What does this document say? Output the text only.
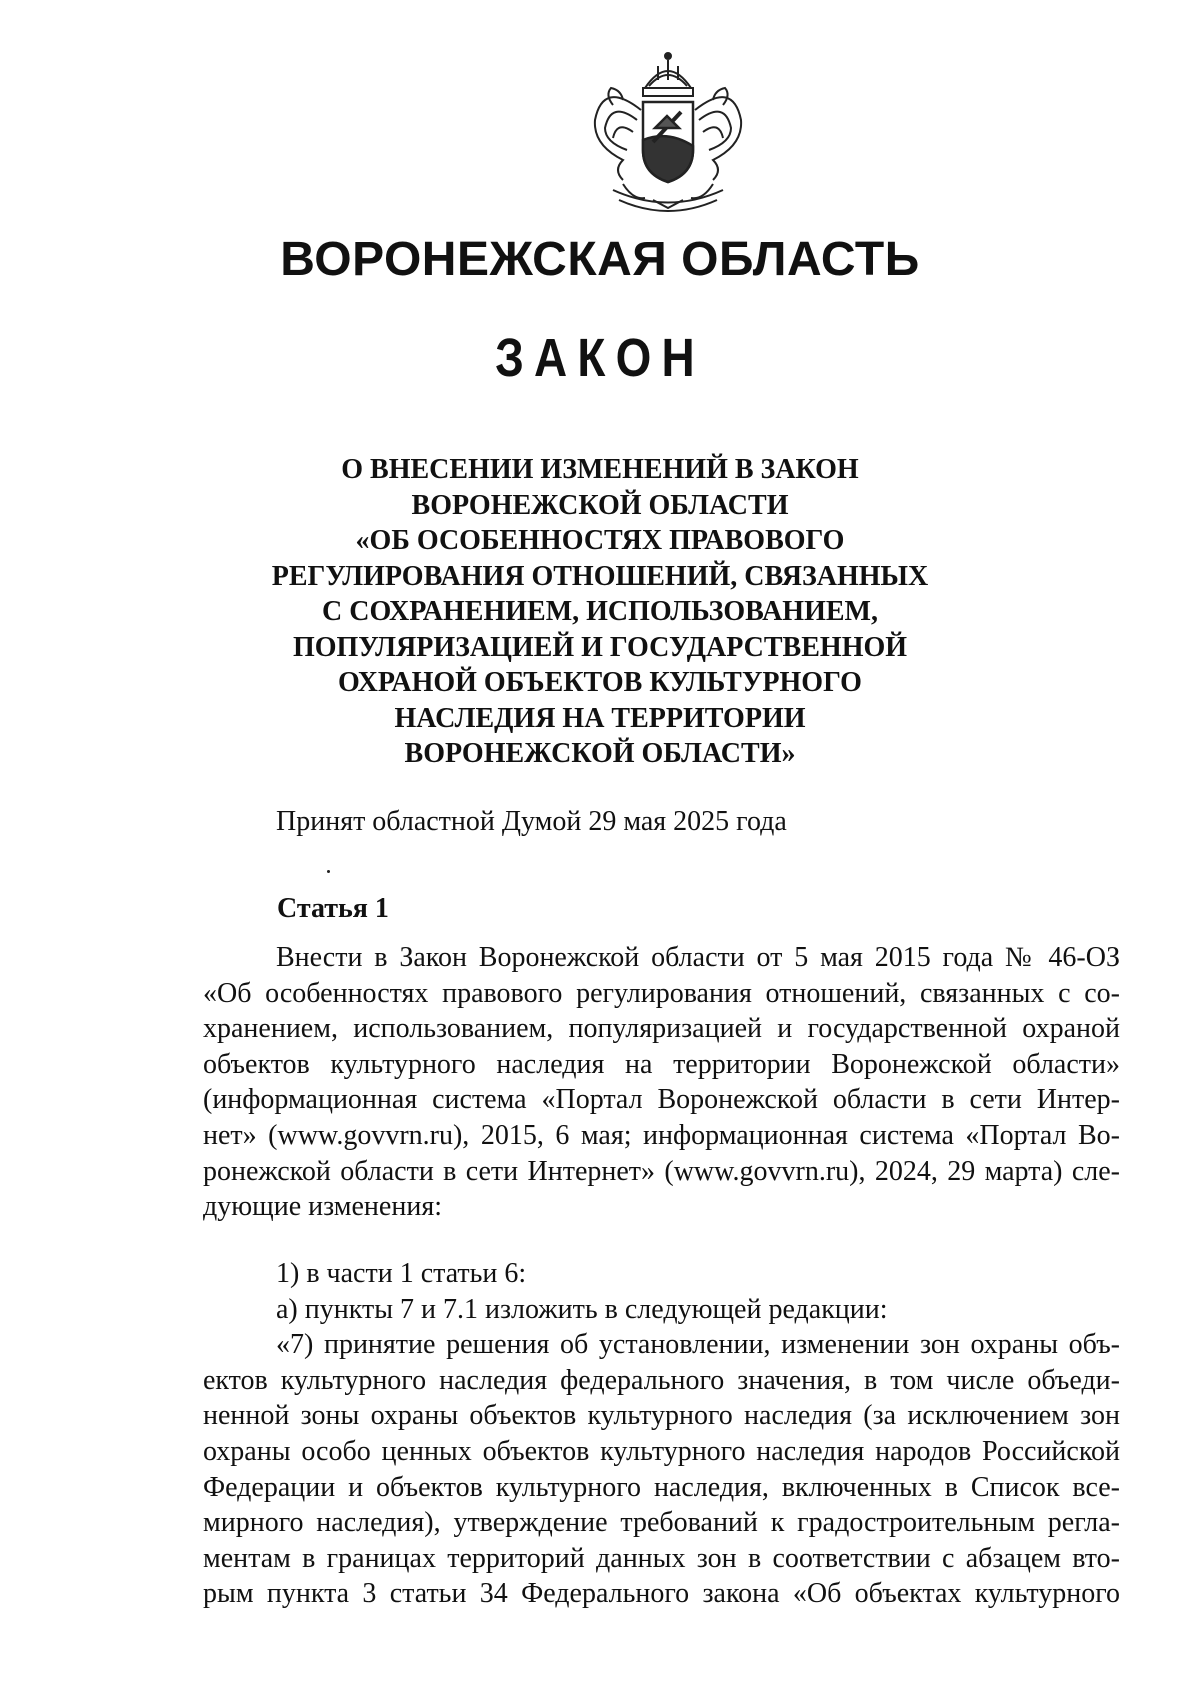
ВОРОНЕЖСКАЯ ОБЛАСТЬ
ЗАКОН
О ВНЕСЕНИИ ИЗМЕНЕНИЙ В ЗАКОН
ВОРОНЕЖСКОЙ ОБЛАСТИ
«ОБ ОСОБЕННОСТЯХ ПРАВОВОГО
РЕГУЛИРОВАНИЯ ОТНОШЕНИЙ, СВЯЗАННЫХ
С СОХРАНЕНИЕМ, ИСПОЛЬЗОВАНИЕМ,
ПОПУЛЯРИЗАЦИЕЙ И ГОСУДАРСТВЕННОЙ
ОХРАНОЙ ОБЪЕКТОВ КУЛЬТУРНОГО
НАСЛЕДИЯ НА ТЕРРИТОРИИ
ВОРОНЕЖСКОЙ ОБЛАСТИ»
Принят областной Думой 29 мая 2025 года
Статья 1
Внести в Закон Воронежской области от 5 мая 2015 года № 46-ОЗ
«Об особенностях правового регулирования отношений, связанных с со-
хранением, использованием, популяризацией и государственной охраной
объектов культурного наследия на территории Воронежской области»
(информационная система «Портал Воронежской области в сети Интер-
нет» (www.govvrn.ru), 2015, 6 мая; информационная система «Портал Во-
ронежской области в сети Интернет» (www.govvrn.ru), 2024, 29 марта) сле-
дующие изменения:
1) в части 1 статьи 6:
а) пункты 7 и 7.1 изложить в следующей редакции:
«7) принятие решения об установлении, изменении зон охраны объ-
ектов культурного наследия федерального значения, в том числе объеди-
ненной зоны охраны объектов культурного наследия (за исключением зон
охраны особо ценных объектов культурного наследия народов Российской
Федерации и объектов культурного наследия, включенных в Список все-
мирного наследия), утверждение требований к градостроительным регла-
ментам в границах территорий данных зон в соответствии с абзацем вто-
рым пункта 3 статьи 34 Федерального закона «Об объектах культурного
